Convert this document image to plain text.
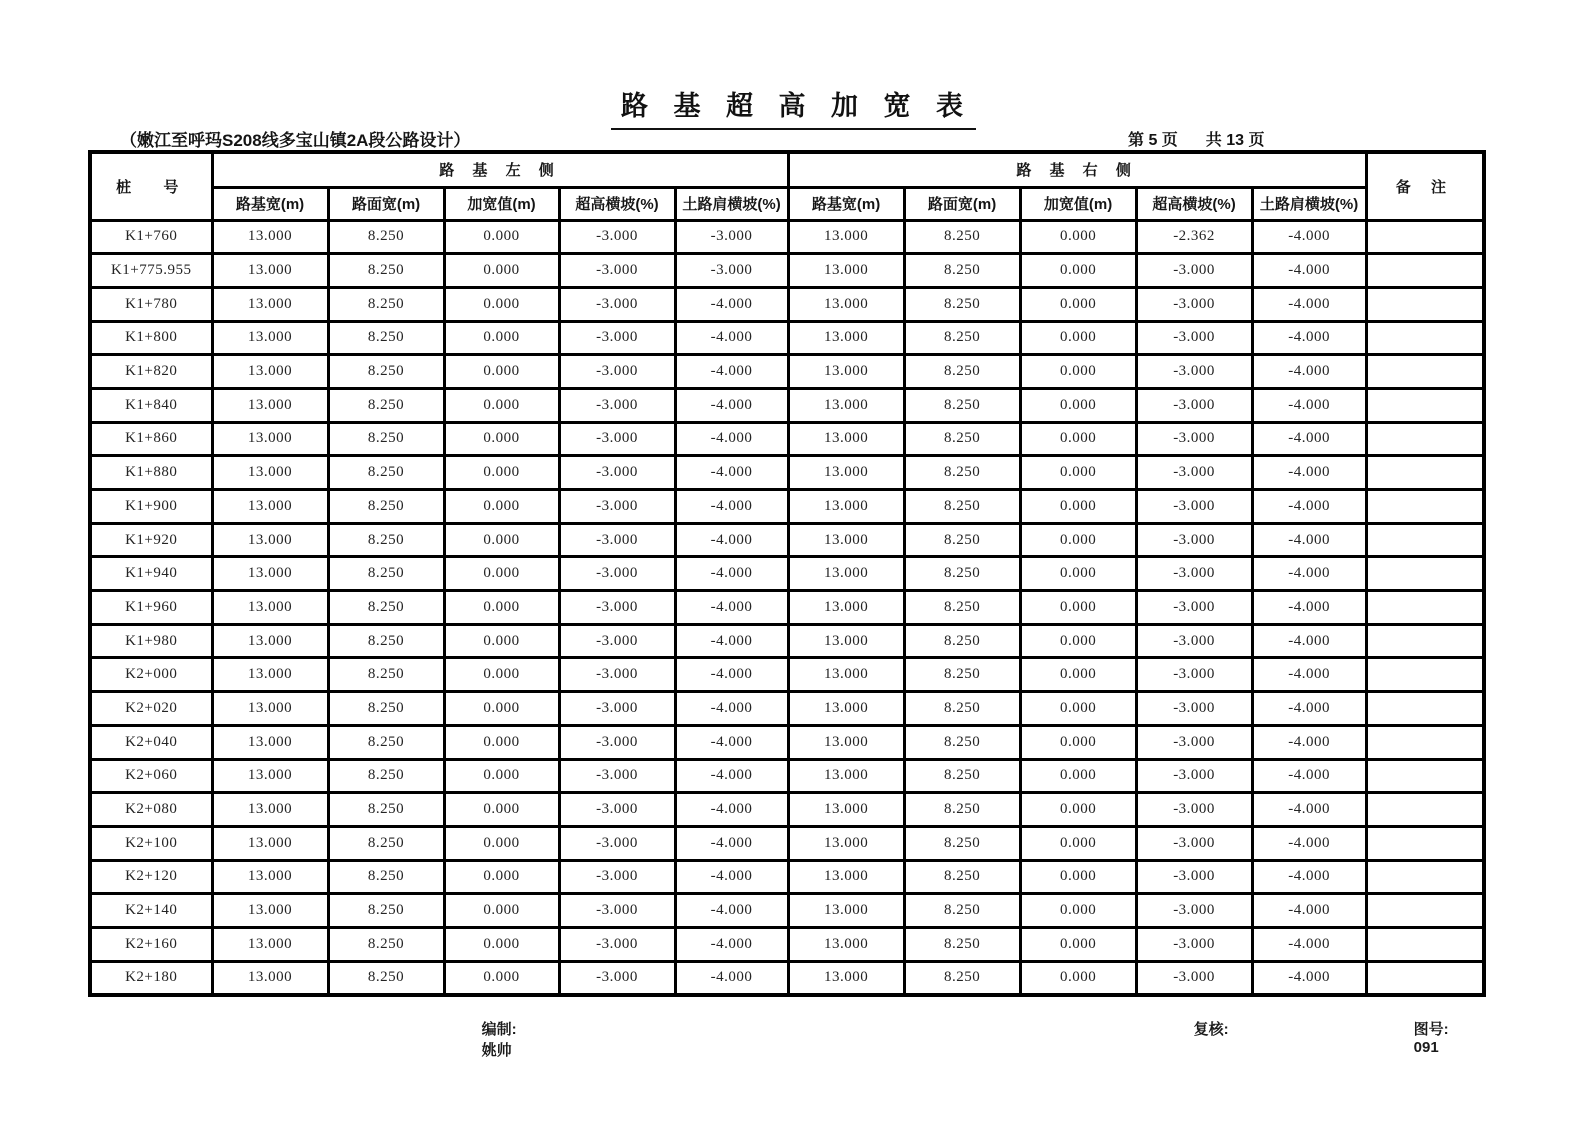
路 基 超 高 加 宽 表
（嫩江至呼玛S208线多宝山镇2A段公路设计）	第 5 页 共 13 页
桩  号	路 基 左 侧					路 基 右 侧					备 注
	路基宽(m)	路面宽(m)	加宽值(m)	超高横坡(%)	土路肩横坡(%)	路基宽(m)	路面宽(m)	加宽值(m)	超高横坡(%)	土路肩横坡(%)	
K1+760	13.000	8.250	0.000	-3.000	-3.000	13.000	8.250	0.000	-2.362	-4.000	
K1+775.955	13.000	8.250	0.000	-3.000	-3.000	13.000	8.250	0.000	-3.000	-4.000	
K1+780	13.000	8.250	0.000	-3.000	-4.000	13.000	8.250	0.000	-3.000	-4.000	
K1+800	13.000	8.250	0.000	-3.000	-4.000	13.000	8.250	0.000	-3.000	-4.000	
K1+820	13.000	8.250	0.000	-3.000	-4.000	13.000	8.250	0.000	-3.000	-4.000	
K1+840	13.000	8.250	0.000	-3.000	-4.000	13.000	8.250	0.000	-3.000	-4.000	
K1+860	13.000	8.250	0.000	-3.000	-4.000	13.000	8.250	0.000	-3.000	-4.000	
K1+880	13.000	8.250	0.000	-3.000	-4.000	13.000	8.250	0.000	-3.000	-4.000	
K1+900	13.000	8.250	0.000	-3.000	-4.000	13.000	8.250	0.000	-3.000	-4.000	
K1+920	13.000	8.250	0.000	-3.000	-4.000	13.000	8.250	0.000	-3.000	-4.000	
K1+940	13.000	8.250	0.000	-3.000	-4.000	13.000	8.250	0.000	-3.000	-4.000	
K1+960	13.000	8.250	0.000	-3.000	-4.000	13.000	8.250	0.000	-3.000	-4.000	
K1+980	13.000	8.250	0.000	-3.000	-4.000	13.000	8.250	0.000	-3.000	-4.000	
K2+000	13.000	8.250	0.000	-3.000	-4.000	13.000	8.250	0.000	-3.000	-4.000	
K2+020	13.000	8.250	0.000	-3.000	-4.000	13.000	8.250	0.000	-3.000	-4.000	
K2+040	13.000	8.250	0.000	-3.000	-4.000	13.000	8.250	0.000	-3.000	-4.000	
K2+060	13.000	8.250	0.000	-3.000	-4.000	13.000	8.250	0.000	-3.000	-4.000	
K2+080	13.000	8.250	0.000	-3.000	-4.000	13.000	8.250	0.000	-3.000	-4.000	
K2+100	13.000	8.250	0.000	-3.000	-4.000	13.000	8.250	0.000	-3.000	-4.000	
K2+120	13.000	8.250	0.000	-3.000	-4.000	13.000	8.250	0.000	-3.000	-4.000	
K2+140	13.000	8.250	0.000	-3.000	-4.000	13.000	8.250	0.000	-3.000	-4.000	
K2+160	13.000	8.250	0.000	-3.000	-4.000	13.000	8.250	0.000	-3.000	-4.000	
K2+180	13.000	8.250	0.000	-3.000	-4.000	13.000	8.250	0.000	-3.000	-4.000	

编制:
姚帅

复核:

	图号:
091
